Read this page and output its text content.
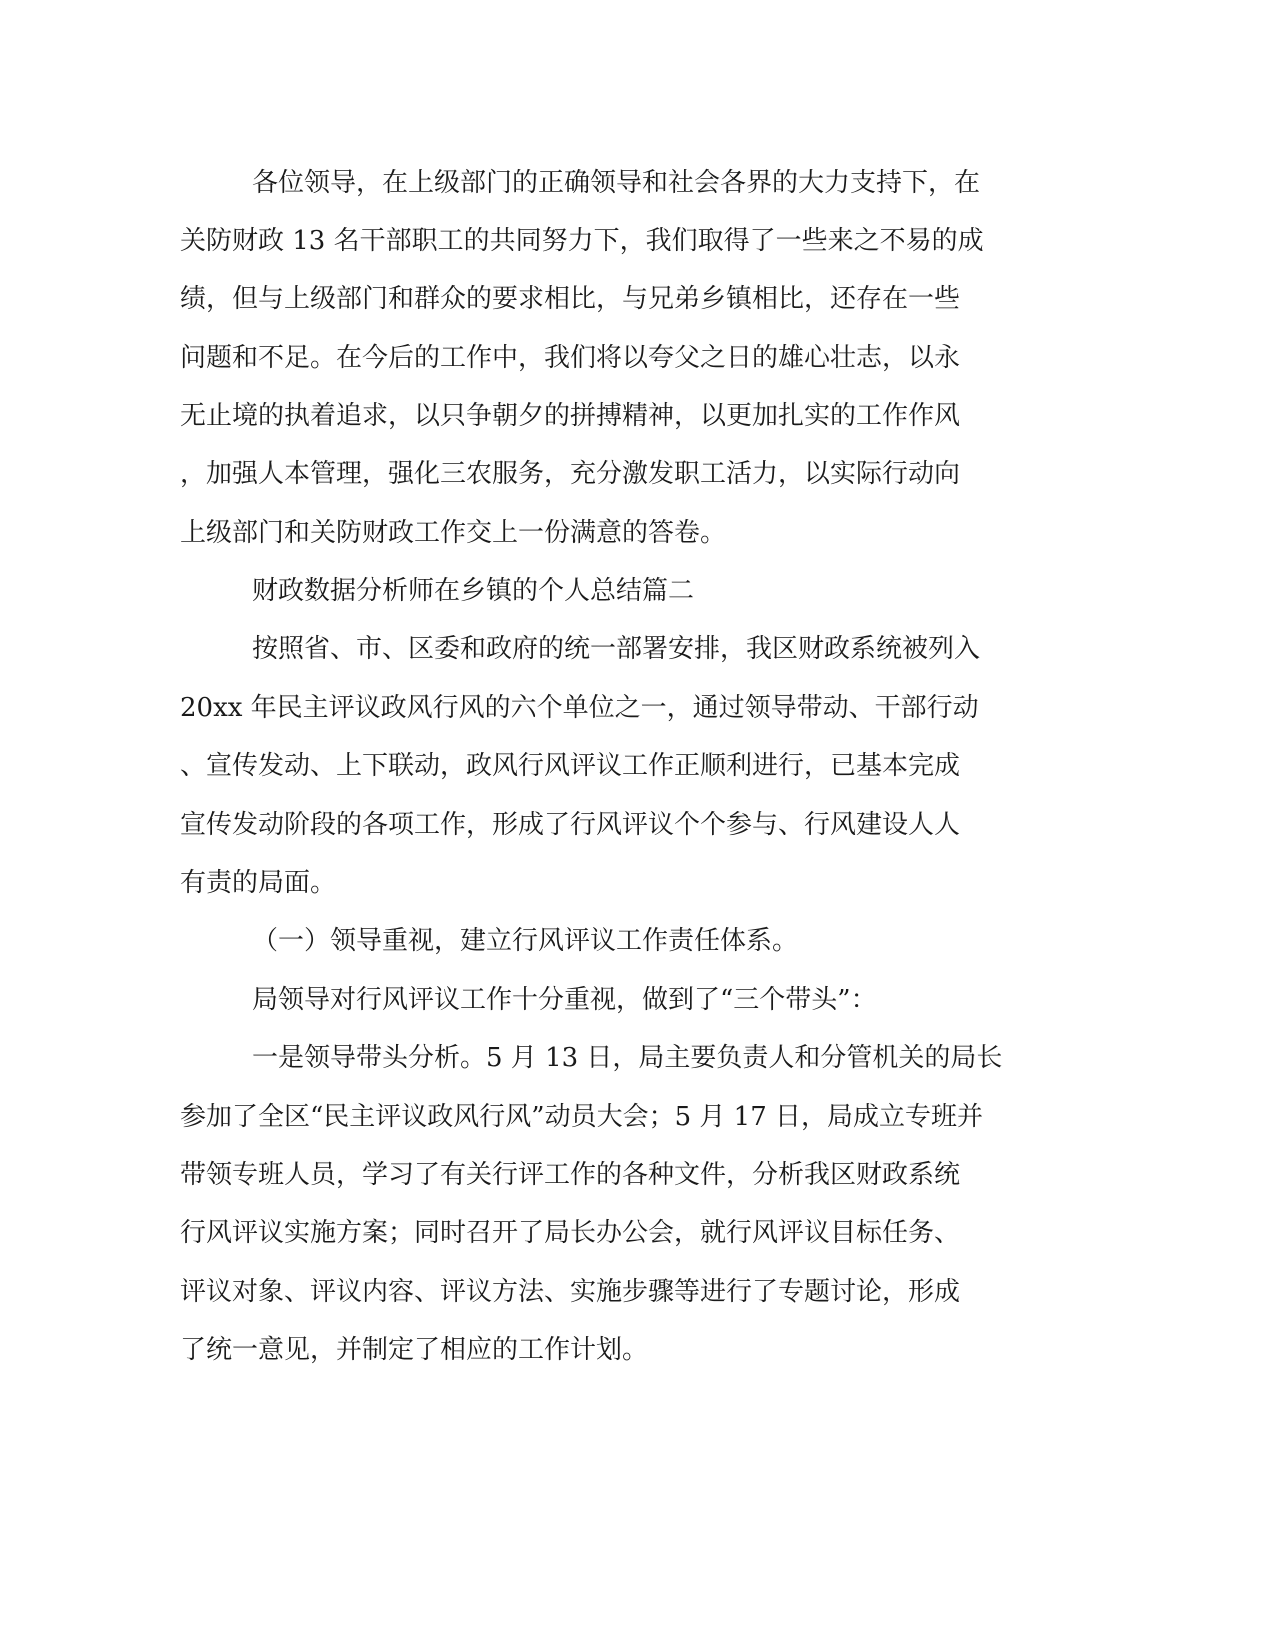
各位领导，在上级部门的正确领导和社会各界的大力支持下，在
关防财政 13 名干部职工的共同努力下，我们取得了一些来之不易的成
绩，但与上级部门和群众的要求相比，与兄弟乡镇相比，还存在一些
问题和不足。在今后的工作中，我们将以夸父之日的雄心壮志，以永
无止境的执着追求，以只争朝夕的拼搏精神，以更加扎实的工作作风
，加强人本管理，强化三农服务，充分激发职工活力，以实际行动向
上级部门和关防财政工作交上一份满意的答卷。
财政数据分析师在乡镇的个人总结篇二
按照省、市、区委和政府的统一部署安排，我区财政系统被列入
20xx 年民主评议政风行风的六个单位之一，通过领导带动、干部行动
、宣传发动、上下联动，政风行风评议工作正顺利进行，已基本完成
宣传发动阶段的各项工作，形成了行风评议个个参与、行风建设人人
有责的局面。
（一）领导重视，建立行风评议工作责任体系。
局领导对行风评议工作十分重视，做到了“三个带头”：
一是领导带头分析。5 月 13 日，局主要负责人和分管机关的局长
参加了全区“民主评议政风行风”动员大会；5 月 17 日，局成立专班并
带领专班人员，学习了有关行评工作的各种文件，分析我区财政系统
行风评议实施方案；同时召开了局长办公会，就行风评议目标任务、
评议对象、评议内容、评议方法、实施步骤等进行了专题讨论，形成
了统一意见，并制定了相应的工作计划。
